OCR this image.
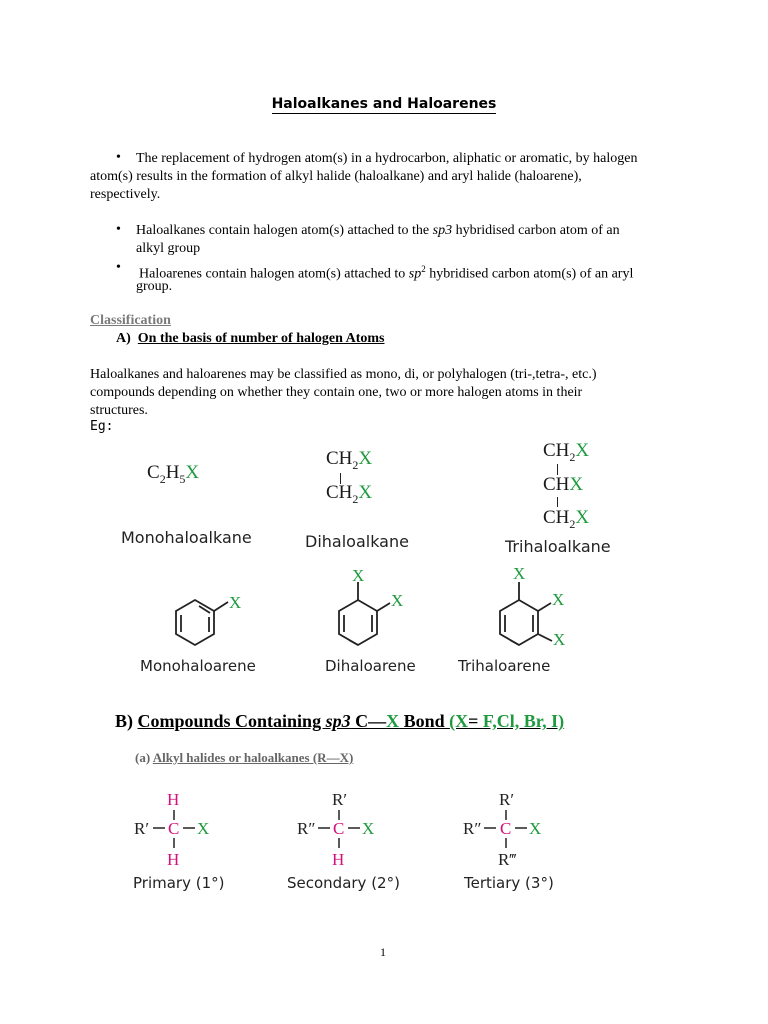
Haloalkanes and Haloarenes
• The replacement of hydrogen atom(s) in a hydrocarbon, aliphatic or aromatic, by halogen
atom(s) results in the formation of alkyl halide (haloalkane) and aryl halide (haloarene),
respectively.
• Haloalkanes contain halogen atom(s) attached to the sp3 hybridised carbon atom of an
alkyl group
• Haloarenes contain halogen atom(s) attached to $sp^2$ hybridised carbon atom(s) of an aryl
group.
Classification
A) On the basis of number of halogen Atoms
Haloalkanes and haloarenes may be classified as mono, di, or polyhalogen (tri-,tetra-, etc.)
compounds depending on whether they contain one, two or more halogen atoms in their
structures.
Eg:
$C_2H_5X$
$CH_2X$
$CH_2X$
$CH_2X$
CHX
$CH_2X$
Monohaloalkane	Dihaloalkane	Trihaloalkane
X
X
X
X
X
X
Monohaloarene	Dihaloarene	Trihaloarene
B) Compounds Containing sp3 C—X Bond (X= F,Cl, Br, I)
(a) Alkyl halides or haloalkanes (R—X)
H
R′ C X
H
R′
R″ C X
H
R′
R″ C X
R‴
Primary (1°)	Secondary (2°)	Tertiary (3°)
1
